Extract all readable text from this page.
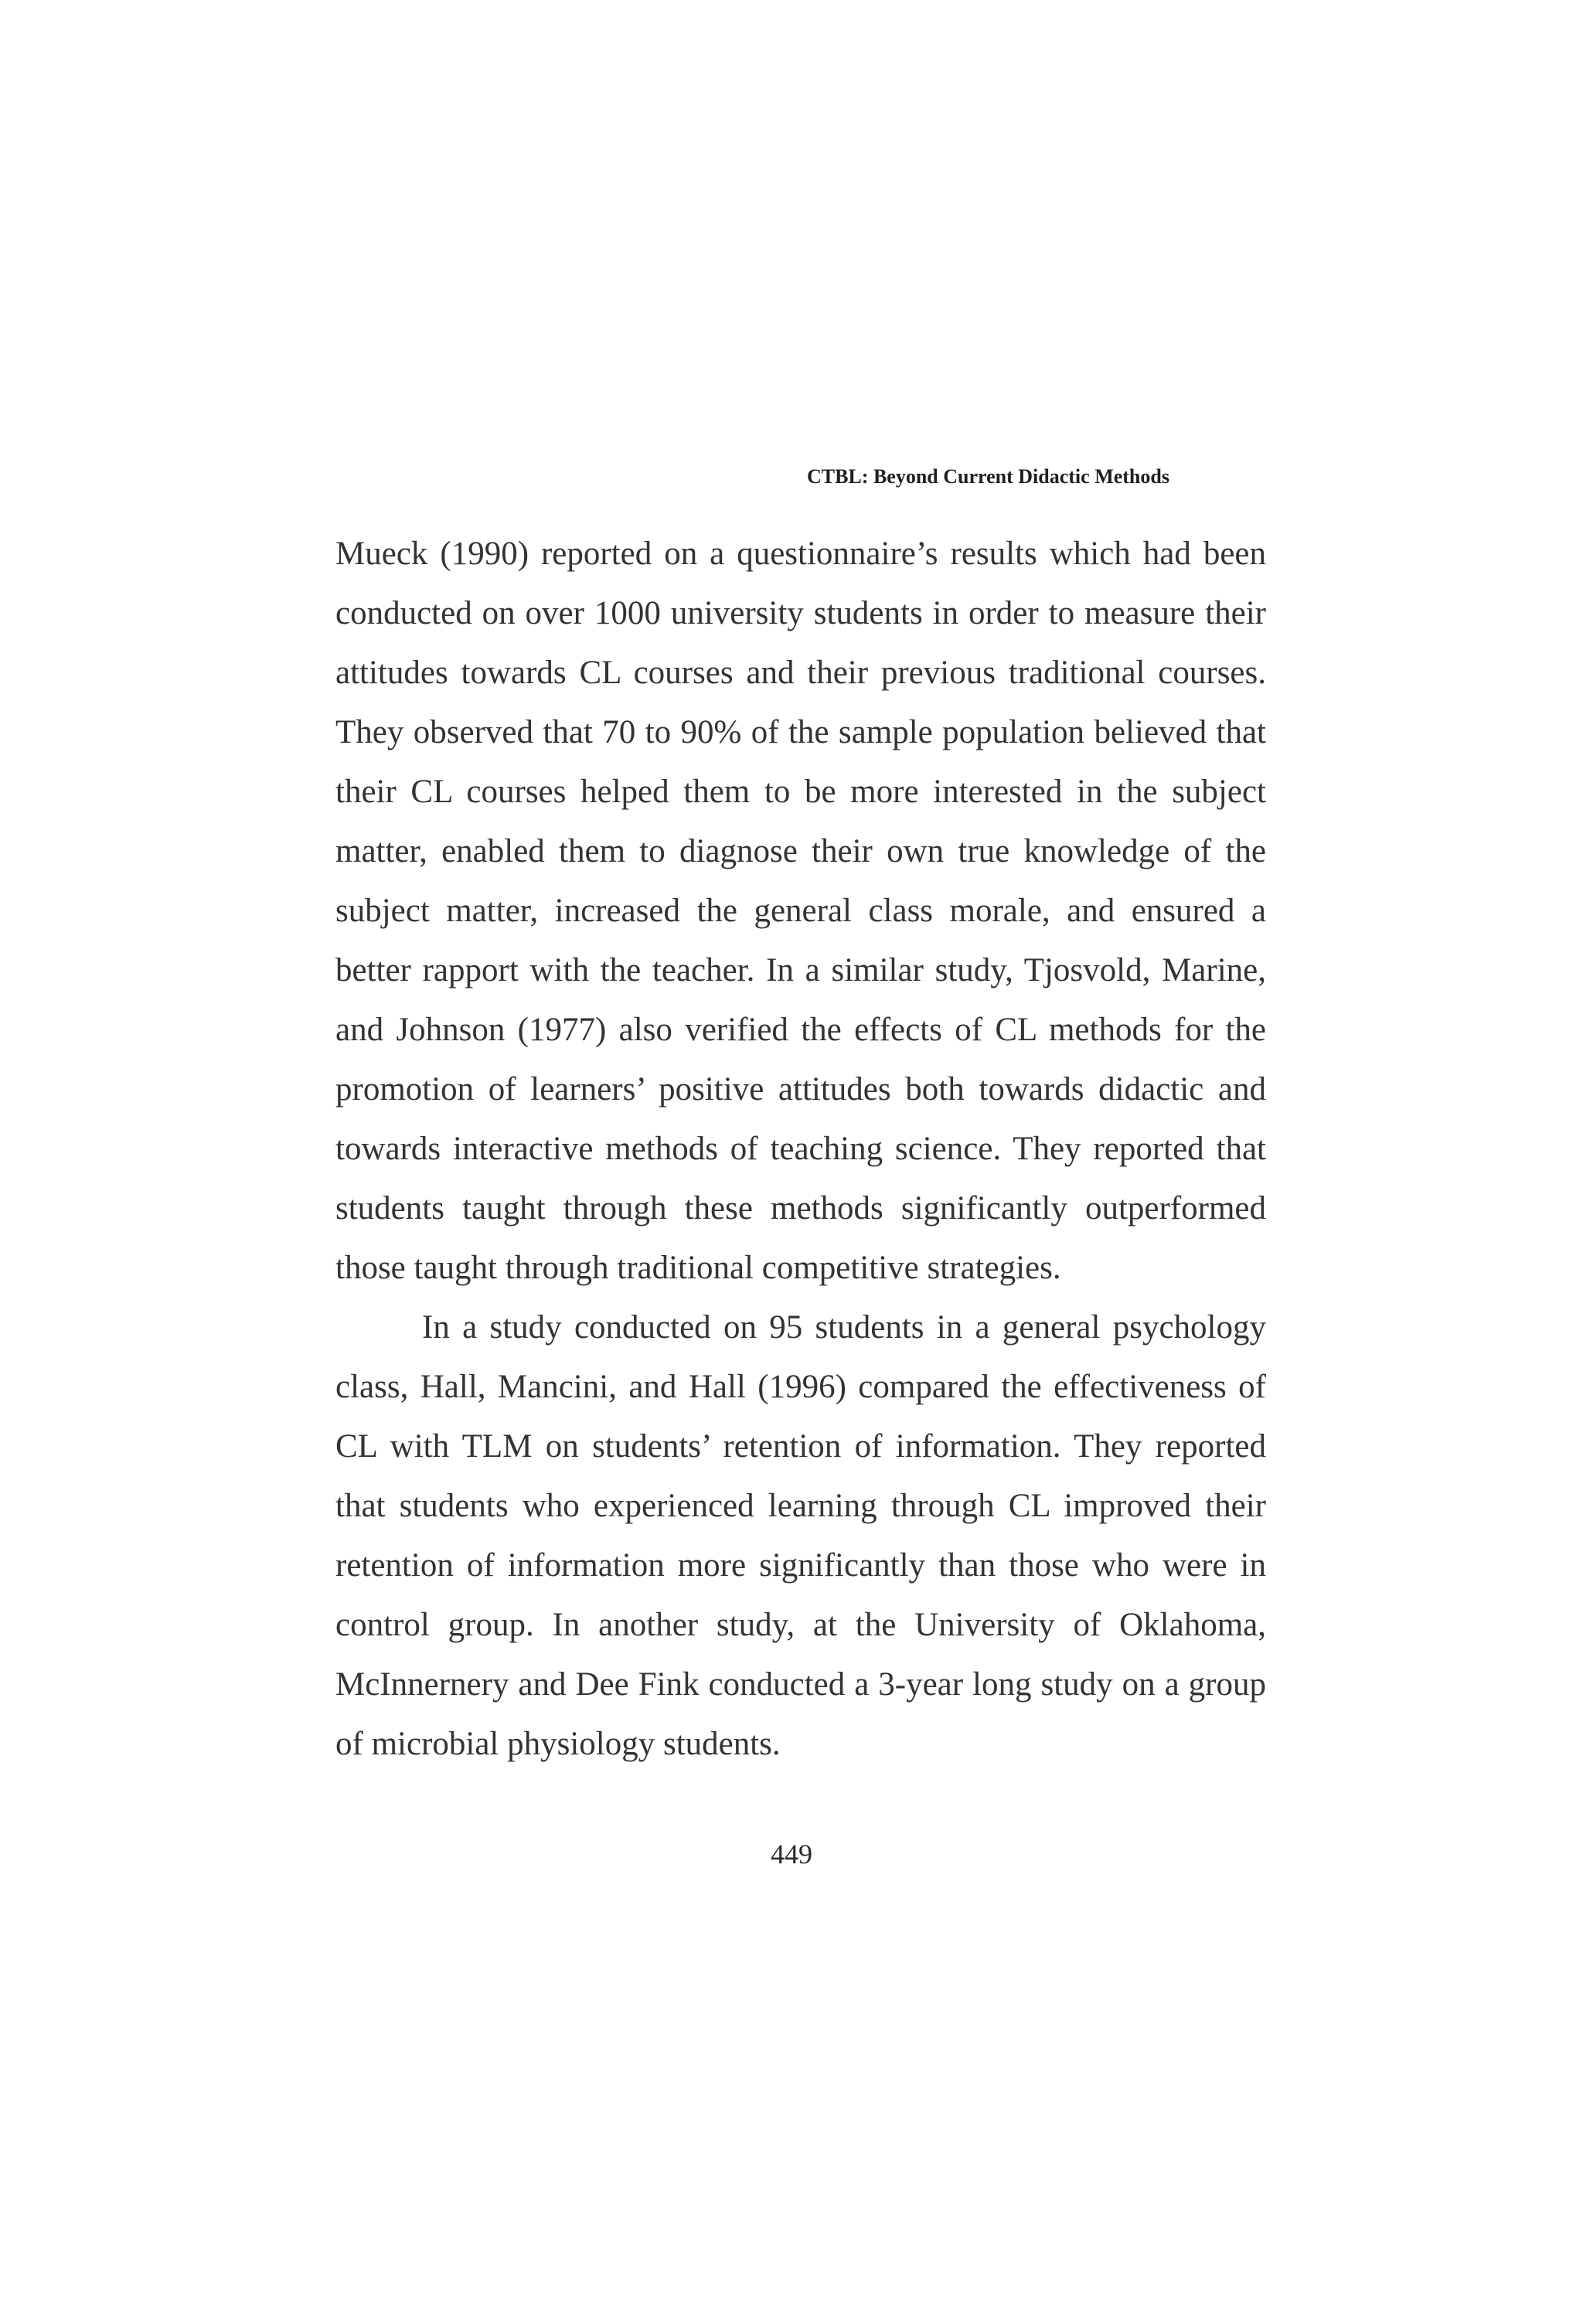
CTBL: Beyond Current Didactic Methods

Mueck (1990) reported on a questionnaire’s results which had been conducted on over 1000 university students in order to measure their attitudes towards CL courses and their previous traditional courses. They observed that 70 to 90% of the sample population believed that their CL courses helped them to be more interested in the subject matter, enabled them to diagnose their own true knowledge of the subject matter, increased the general class morale, and ensured a better rapport with the teacher. In a similar study, Tjosvold, Marine, and Johnson (1977) also verified the effects of CL methods for the promotion of learners’ positive attitudes both towards didactic and towards interactive methods of teaching science. They reported that students taught through these methods significantly outperformed those taught through traditional competitive strategies.

In a study conducted on 95 students in a general psychology class, Hall, Mancini, and Hall (1996) compared the effectiveness of CL with TLM on students’ retention of information. They reported that students who experienced learning through CL improved their retention of information more significantly than those who were in control group. In another study, at the University of Oklahoma, McInnernery and Dee Fink conducted a 3-year long study on a group of microbial physiology students.

449
